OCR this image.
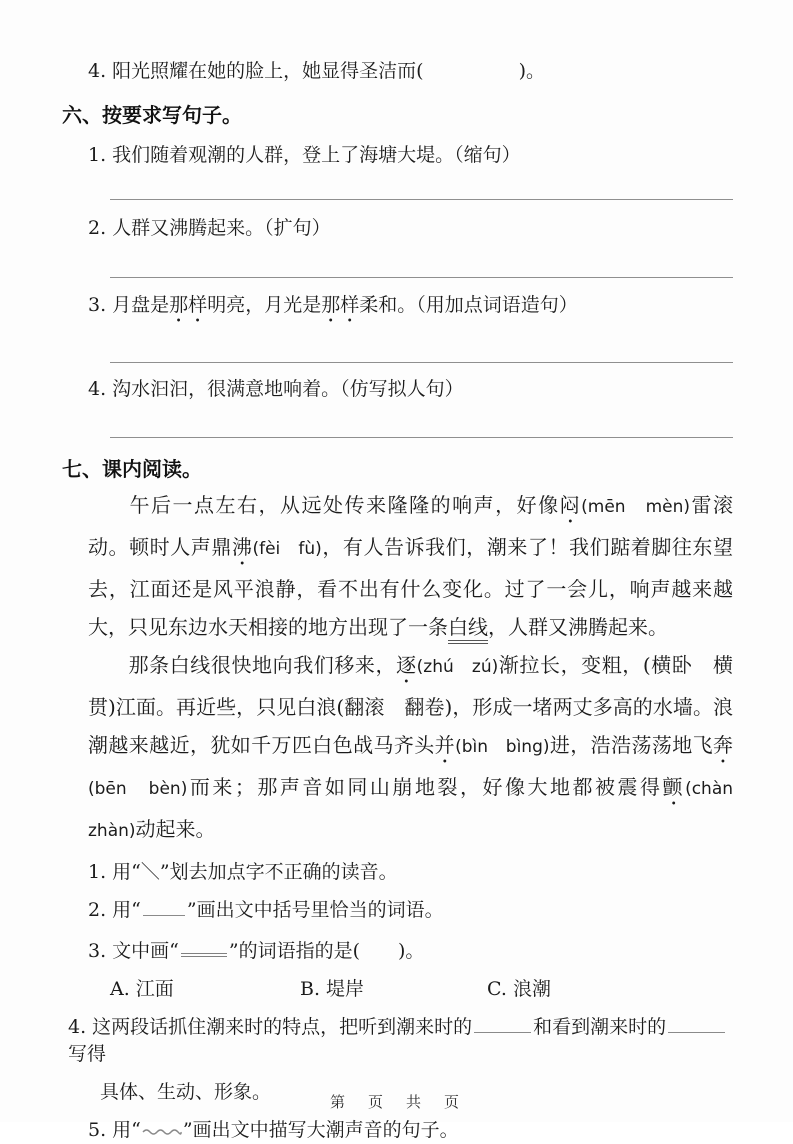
4. 阳光照耀在她的脸上，她显得圣洁而(　　　　　)。
六、按要求写句子。
1. 我们随着观潮的人群，登上了海塘大堤。（缩句）
2. 人群又沸腾起来。（扩句）
3. 月盘是那样明亮，月光是那样柔和。（用加点词语造句）
4. 沟水汩汩，很满意地响着。（仿写拟人句）
七、课内阅读。

午后一点左右，从远处传来隆隆的响声，好像闷(mēn　mèn)雷滚动。顿时人声鼎沸(fèi　fù)，有人告诉我们，潮来了！我们踮着脚往东望去，江面还是风平浪静，看不出有什么变化。过了一会儿，响声越来越大，只见东边水天相接的地方出现了一条白线，人群又沸腾起来。

那条白线很快地向我们移来，逐(zhú　zú)渐拉长，变粗，(横卧　横贯)江面。再近些，只见白浪(翻滚　翻卷)，形成一堵两丈多高的水墙。浪潮越来越近，犹如千万匹白色战马齐头并(bìn　bìng)进，浩浩荡荡地飞奔(bēn　bèn)而来；那声音如同山崩地裂，好像大地都被震得颤(chàn　zhàn)动起来。

1. 用“＼”划去加点字不正确的读音。
2. 用“ ”画出文中括号里恰当的词语。
3. 文中画“	”的词语指的是(　　)。
A. 江面	B. 堤岸	C. 浪潮
4. 这两段话抓住潮来时的特点，把听到潮来时的	和看到潮来时的写得
具体、生动、形象。
5. 用“ ”画出文中描写大潮声音的句子。
第　页　共　页
